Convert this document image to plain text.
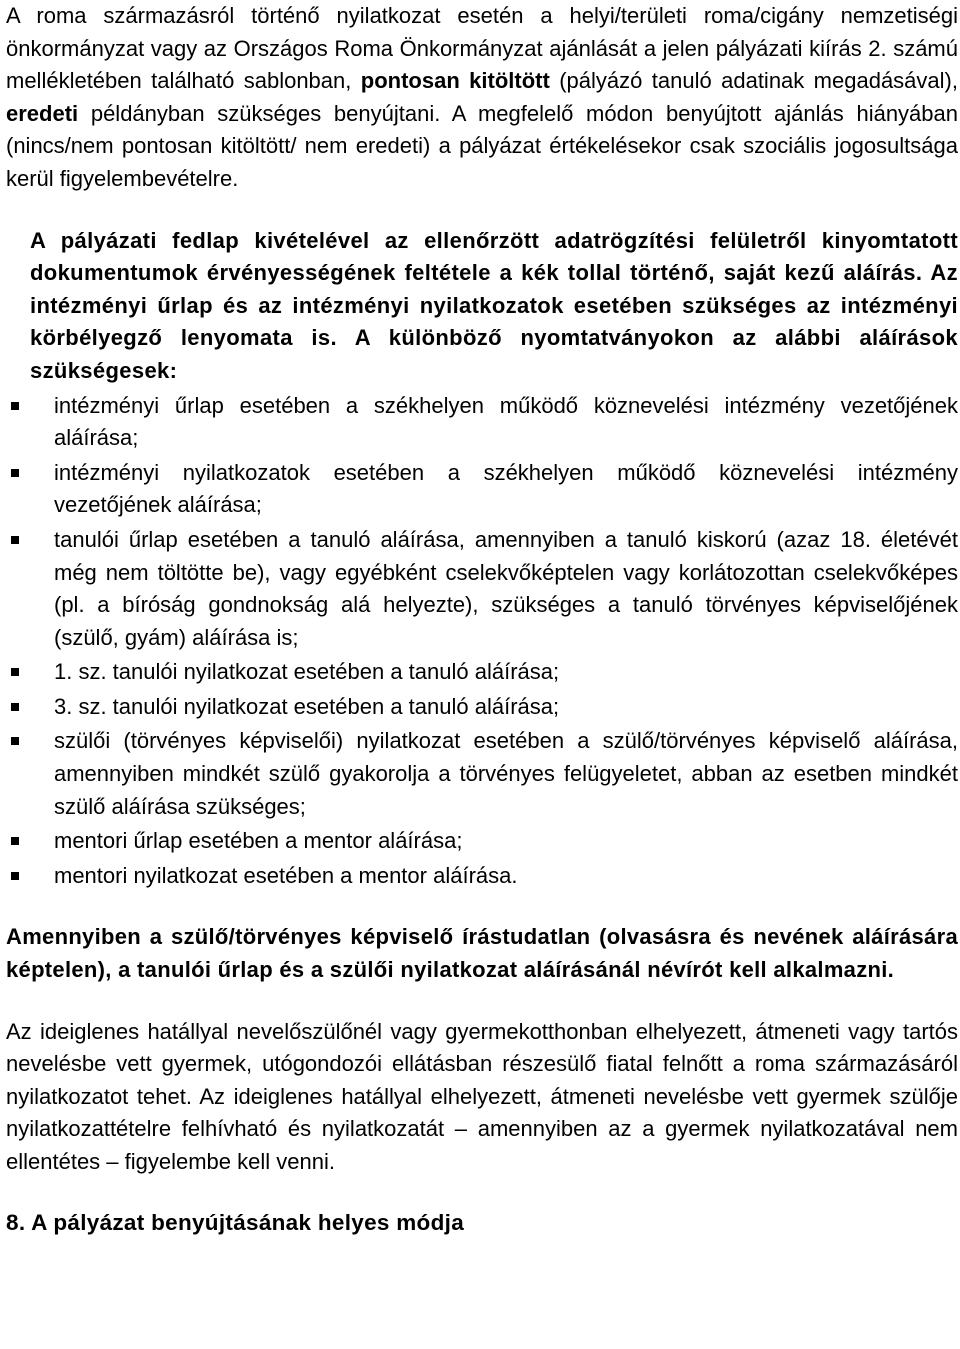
A roma származásról történő nyilatkozat esetén a helyi/területi roma/cigány nemzetiségi önkormányzat vagy az Országos Roma Önkormányzat ajánlását a jelen pályázati kiírás 2. számú mellékletében található sablonban, pontosan kitöltött (pályázó tanuló adatinak megadásával), eredeti példányban szükséges benyújtani. A megfelelő módon benyújtott ajánlás hiányában (nincs/nem pontosan kitöltött/ nem eredeti) a pályázat értékelésekor csak szociális jogosultsága kerül figyelembevételre.

A pályázati fedlap kivételével az ellenőrzött adatrögzítési felületről kinyomtatott dokumentumok érvényességének feltétele a kék tollal történő, saját kezű aláírás. Az intézményi űrlap és az intézményi nyilatkozatok esetében szükséges az intézményi körbélyegző lenyomata is. A különböző nyomtatványokon az alábbi aláírások szükségesek:

intézményi űrlap esetében a székhelyen működő köznevelési intézmény vezetőjének aláírása;
intézményi nyilatkozatok esetében a székhelyen működő köznevelési intézmény vezetőjének aláírása;
tanulói űrlap esetében a tanuló aláírása, amennyiben a tanuló kiskorú (azaz 18. életévét még nem töltötte be), vagy egyébként cselekvőképtelen vagy korlátozottan cselekvőképes (pl. a bíróság gondnokság alá helyezte), szükséges a tanuló törvényes képviselőjének (szülő, gyám) aláírása is;
1. sz. tanulói nyilatkozat esetében a tanuló aláírása;
3. sz. tanulói nyilatkozat esetében a tanuló aláírása;
szülői (törvényes képviselői) nyilatkozat esetében a szülő/törvényes képviselő aláírása, amennyiben mindkét szülő gyakorolja a törvényes felügyeletet, abban az esetben mindkét szülő aláírása szükséges;
mentori űrlap esetében a mentor aláírása;
mentori nyilatkozat esetében a mentor aláírása.

Amennyiben a szülő/törvényes képviselő írástudatlan (olvasásra és nevének aláírására képtelen), a tanulói űrlap és a szülői nyilatkozat aláírásánál névírót kell alkalmazni.

Az ideiglenes hatállyal nevelőszülőnél vagy gyermekotthonban elhelyezett, átmeneti vagy tartós nevelésbe vett gyermek, utógondozói ellátásban részesülő fiatal felnőtt a roma származásáról nyilatkozatot tehet. Az ideiglenes hatállyal elhelyezett, átmeneti nevelésbe vett gyermek szülője nyilatkozattételre felhívható és nyilatkozatát – amennyiben az a gyermek nyilatkozatával nem ellentétes – figyelembe kell venni.

8. A pályázat benyújtásának helyes módja
